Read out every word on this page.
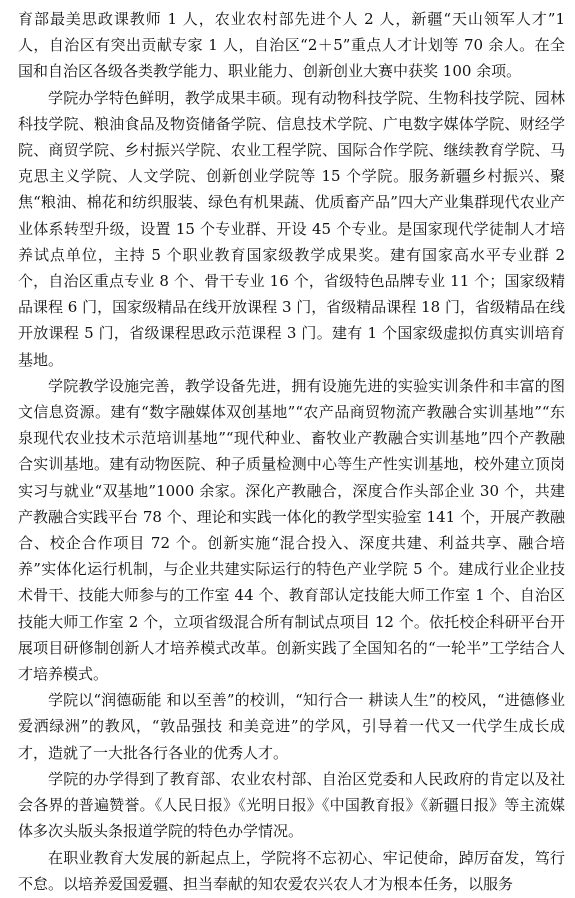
育部最美思政课教师 1 人，农业农村部先进个人 2 人，新疆“天山领军人才”1 人，自治区有突出贡献专家 1 人，自治区“2＋5”重点人才计划等 70 余人。在全国和自治区各级各类教学能力、职业能力、创新创业大赛中获奖 100 余项。

学院办学特色鲜明，教学成果丰硕。现有动物科技学院、生物科技学院、园林科技学院、粮油食品及物资储备学院、信息技术学院、广电数字媒体学院、财经学院、商贸学院、乡村振兴学院、农业工程学院、国际合作学院、继续教育学院、马克思主义学院、人文学院、创新创业学院等 15 个学院。服务新疆乡村振兴、聚焦“粮油、棉花和纺织服装、绿色有机果蔬、优质畜产品”四大产业集群现代农业产业体系转型升级，设置 15 个专业群、开设 45 个专业。是国家现代学徒制人才培养试点单位，主持 5 个职业教育国家级教学成果奖。建有国家高水平专业群 2 个，自治区重点专业 8 个、骨干专业 16 个，省级特色品牌专业 11 个；国家级精品课程 6 门，国家级精品在线开放课程 3 门，省级精品课程 18 门，省级精品在线开放课程 5 门，省级课程思政示范课程 3 门。建有 1 个国家级虚拟仿真实训培育基地。

学院教学设施完善，教学设备先进，拥有设施先进的实验实训条件和丰富的图文信息资源。建有“数字融媒体双创基地”“农产品商贸物流产教融合实训基地”“东泉现代农业技术示范培训基地”“现代种业、畜牧业产教融合实训基地”四个产教融合实训基地。建有动物医院、种子质量检测中心等生产性实训基地，校外建立顶岗实习与就业“双基地”1000 余家。深化产教融合，深度合作头部企业 30 个，共建产教融合实践平台 78 个、理论和实践一体化的教学型实验室 141 个，开展产教融合、校企合作项目 72 个。创新实施“混合投入、深度共建、利益共享、融合培养”实体化运行机制，与企业共建实际运行的特色产业学院 5 个。建成行业企业技术骨干、技能大师参与的工作室 44 个、教育部认定技能大师工作室 1 个、自治区技能大师工作室 2 个，立项省级混合所有制试点项目 12 个。依托校企科研平台开展项目研修制创新人才培养模式改革。创新实践了全国知名的“一轮半”工学结合人才培养模式。

学院以“润德砺能 和以至善”的校训，“知行合一 耕读人生”的校风，“进德修业 爱洒绿洲”的教风，“敦品强技 和美竞进”的学风，引导着一代又一代学生成长成才，造就了一大批各行各业的优秀人才。

学院的办学得到了教育部、农业农村部、自治区党委和人民政府的肯定以及社会各界的普遍赞誉。《人民日报》《光明日报》《中国教育报》《新疆日报》等主流媒体多次头版头条报道学院的特色办学情况。

在职业教育大发展的新起点上，学院将不忘初心、牢记使命，踔厉奋发，笃行不怠。以培养爱国爱疆、担当奉献的知农爱农兴农人才为根本任务，以服务
